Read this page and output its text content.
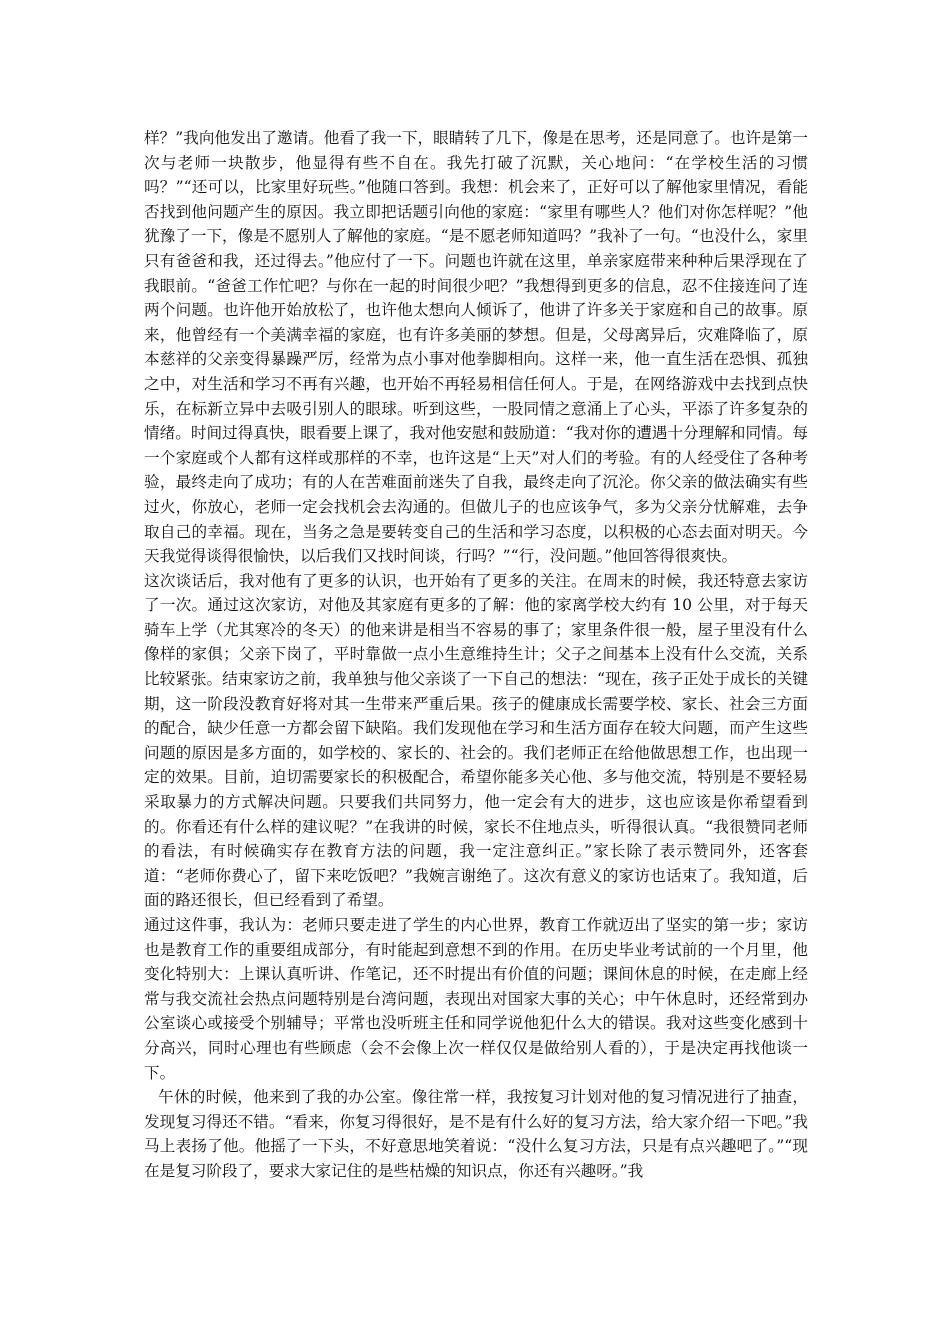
样？”我向他发出了邀请。他看了我一下，眼睛转了几下，像是在思考，还是同意了。也许是第一次与老师一块散步，他显得有些不自在。我先打破了沉默，关心地问：“在学校生活的习惯吗？”“还可以，比家里好玩些。”他随口答到。我想：机会来了，正好可以了解他家里情况，看能否找到他问题产生的原因。我立即把话题引向他的家庭：“家里有哪些人？他们对你怎样呢？”他犹豫了一下，像是不愿别人了解他的家庭。“是不愿老师知道吗？”我补了一句。“也没什么，家里只有爸爸和我，还过得去。”他应付了一下。问题也许就在这里，单亲家庭带来种种后果浮现在了我眼前。“爸爸工作忙吧？与你在一起的时间很少吧？”我想得到更多的信息，忍不住接连问了连两个问题。也许他开始放松了，也许他太想向人倾诉了，他讲了许多关于家庭和自己的故事。原来，他曾经有一个美满幸福的家庭，也有许多美丽的梦想。但是，父母离异后，灾难降临了，原本慈祥的父亲变得暴躁严厉，经常为点小事对他拳脚相向。这样一来，他一直生活在恐惧、孤独之中，对生活和学习不再有兴趣，也开始不再轻易相信任何人。于是，在网络游戏中去找到点快乐，在标新立异中去吸引别人的眼球。听到这些，一股同情之意涌上了心头，平添了许多复杂的情绪。时间过得真快，眼看要上课了，我对他安慰和鼓励道：“我对你的遭遇十分理解和同情。每一个家庭或个人都有这样或那样的不幸，也许这是“上天”对人们的考验。有的人经受住了各种考验，最终走向了成功；有的人在苦难面前迷失了自我，最终走向了沉沦。你父亲的做法确实有些过火，你放心，老师一定会找机会去沟通的。但做儿子的也应该争气，多为父亲分忧解难，去争取自己的幸福。现在，当务之急是要转变自己的生活和学习态度，以积极的心态去面对明天。今天我觉得谈得很愉快，以后我们又找时间谈，行吗？”“行，没问题。”他回答得很爽快。

这次谈话后，我对他有了更多的认识，也开始有了更多的关注。在周末的时候，我还特意去家访了一次。通过这次家访，对他及其家庭有更多的了解：他的家离学校大约有 10 公里，对于每天骑车上学（尤其寒冷的冬天）的他来讲是相当不容易的事了；家里条件很一般，屋子里没有什么像样的家俱；父亲下岗了，平时靠做一点小生意维持生计；父子之间基本上没有什么交流，关系比较紧张。结束家访之前，我单独与他父亲谈了一下自己的想法：“现在，孩子正处于成长的关键期，这一阶段没教育好将对其一生带来严重后果。孩子的健康成长需要学校、家长、社会三方面的配合，缺少任意一方都会留下缺陷。我们发现他在学习和生活方面存在较大问题，而产生这些问题的原因是多方面的，如学校的、家长的、社会的。我们老师正在给他做思想工作，也出现一定的效果。目前，迫切需要家长的积极配合，希望你能多关心他、多与他交流，特别是不要轻易采取暴力的方式解决问题。只要我们共同努力，他一定会有大的进步，这也应该是你希望看到的。你看还有什么样的建议呢？”在我讲的时候，家长不住地点头，听得很认真。“我很赞同老师的看法，有时候确实存在教育方法的问题，我一定注意纠正。”家长除了表示赞同外，还客套道：“老师你费心了，留下来吃饭吧？”我婉言谢绝了。这次有意义的家访也话束了。我知道，后面的路还很长，但已经看到了希望。

通过这件事，我认为：老师只要走进了学生的内心世界，教育工作就迈出了坚实的第一步；家访也是教育工作的重要组成部分，有时能起到意想不到的作用。在历史毕业考试前的一个月里，他变化特别大：上课认真听讲、作笔记，还不时提出有价值的问题；课间休息的时候，在走廊上经常与我交流社会热点问题特别是台湾问题，表现出对国家大事的关心；中午休息时，还经常到办公室谈心或接受个别辅导；平常也没听班主任和同学说他犯什么大的错误。我对这些变化感到十分高兴，同时心理也有些顾虑（会不会像上次一样仅仅是做给别人看的），于是决定再找他谈一下。

午休的时候，他来到了我的办公室。像往常一样，我按复习计划对他的复习情况进行了抽查，发现复习得还不错。“看来，你复习得很好，是不是有什么好的复习方法，给大家介绍一下吧。”我马上表扬了他。他摇了一下头，不好意思地笑着说：“没什么复习方法，只是有点兴趣吧了。”“现在是复习阶段了，要求大家记住的是些枯燥的知识点，你还有兴趣呀。”我
